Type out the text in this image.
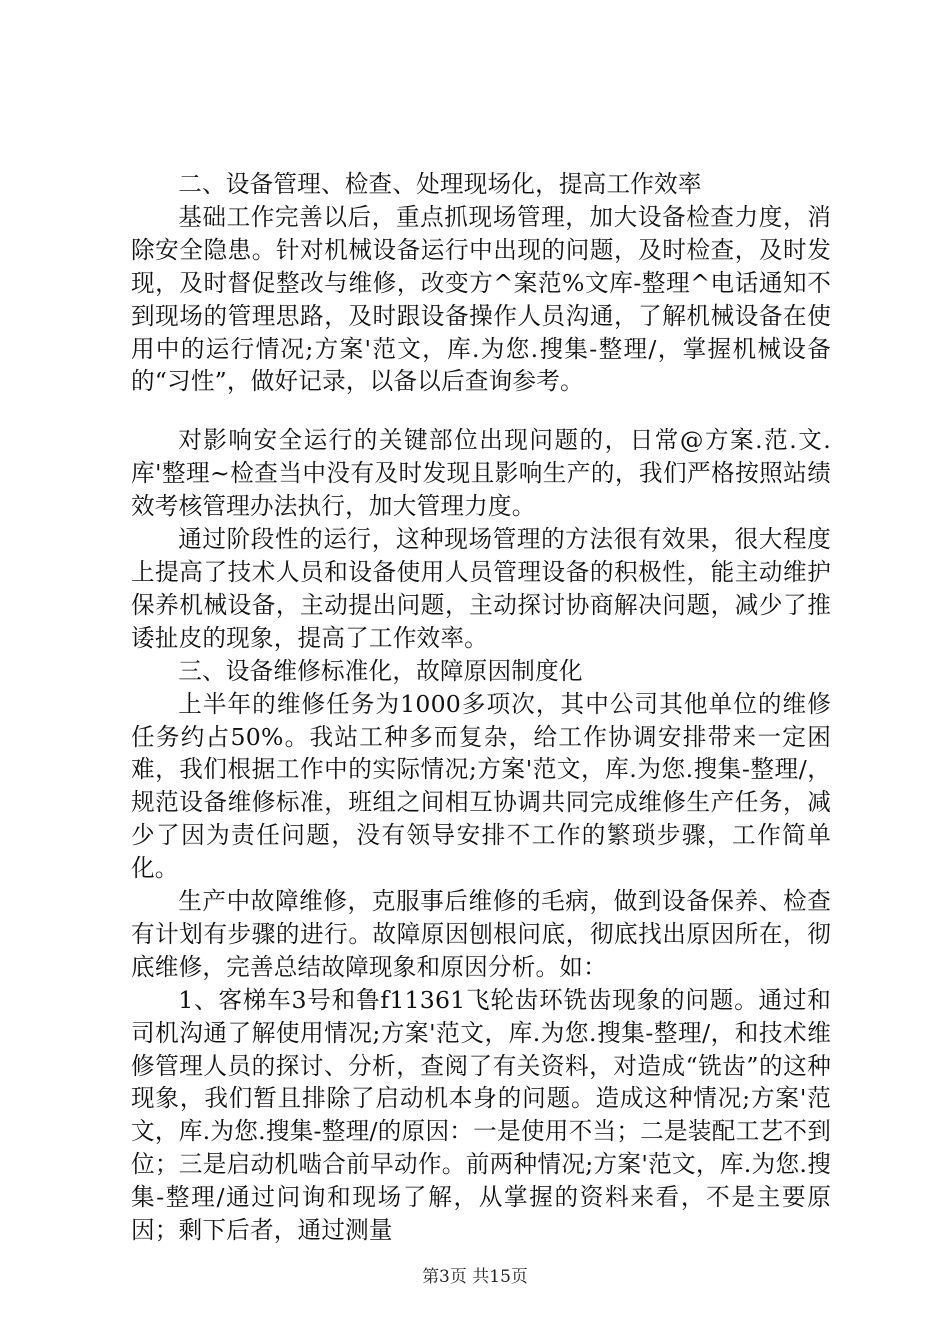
二、设备管理、检查、处理现场化，提高工作效率

基础工作完善以后，重点抓现场管理，加大设备检查力度，消除安全隐患。针对机械设备运行中出现的问题，及时检查，及时发现，及时督促整改与维修，改变方^案范%文库-整理^电话通知不到现场的管理思路，及时跟设备操作人员沟通，了解机械设备在使用中的运行情况;方案'范文，库.为您.搜集-整理/，掌握机械设备的“习性”，做好记录，以备以后查询参考。

对影响安全运行的关键部位出现问题的，日常@方案.范.文.库'整理~检查当中没有及时发现且影响生产的，我们严格按照站绩效考核管理办法执行，加大管理力度。

通过阶段性的运行，这种现场管理的方法很有效果，很大程度上提高了技术人员和设备使用人员管理设备的积极性，能主动维护保养机械设备，主动提出问题，主动探讨协商解决问题，减少了推诿扯皮的现象，提高了工作效率。

三、设备维修标准化，故障原因制度化

上半年的维修任务为1000多项次，其中公司其他单位的维修任务约占50%。我站工种多而复杂，给工作协调安排带来一定困难，我们根据工作中的实际情况;方案'范文，库.为您.搜集-整理/，规范设备维修标准，班组之间相互协调共同完成维修生产任务，减少了因为责任问题，没有领导安排不工作的繁琐步骤，工作简单化。

生产中故障维修，克服事后维修的毛病，做到设备保养、检查有计划有步骤的进行。故障原因刨根问底，彻底找出原因所在，彻底维修，完善总结故障现象和原因分析。如：

1、客梯车3号和鲁f11361飞轮齿环铣齿现象的问题。通过和司机沟通了解使用情况;方案'范文，库.为您.搜集-整理/，和技术维修管理人员的探讨、分析，查阅了有关资料，对造成“铣齿”的这种现象，我们暂且排除了启动机本身的问题。造成这种情况;方案'范文，库.为您.搜集-整理/的原因：一是使用不当；二是装配工艺不到位；三是启动机啮合前早动作。前两种情况;方案'范文，库.为您.搜集-整理/通过问询和现场了解，从掌握的资料来看，不是主要原因；剩下后者，通过测量

第3页 共15页
